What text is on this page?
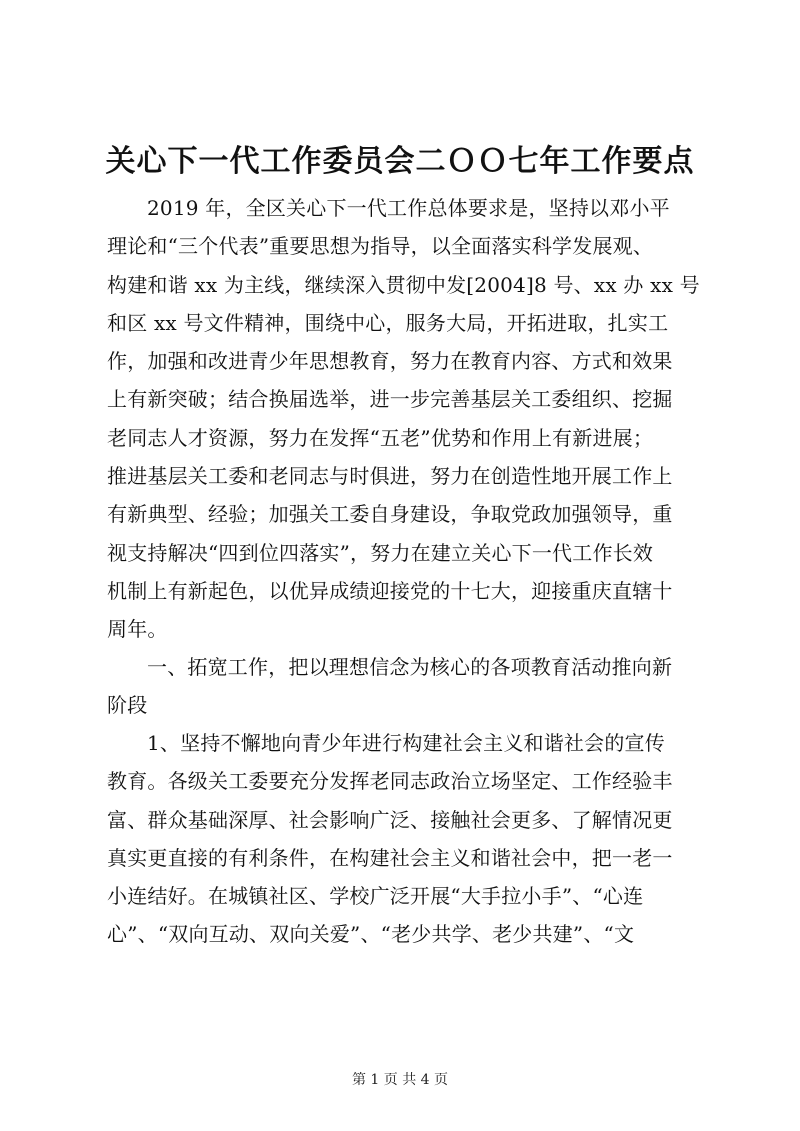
关心下一代工作委员会二ＯＯ七年工作要点
2019 年，全区关心下一代工作总体要求是，坚持以邓小平
理论和“三个代表”重要思想为指导，以全面落实科学发展观、
构建和谐 xx 为主线，继续深入贯彻中发[2004]8 号、xx 办 xx 号
和区 xx 号文件精神，围绕中心，服务大局，开拓进取，扎实工
作，加强和改进青少年思想教育，努力在教育内容、方式和效果
上有新突破；结合换届选举，进一步完善基层关工委组织、挖掘
老同志人才资源，努力在发挥“五老”优势和作用上有新进展；
推进基层关工委和老同志与时俱进，努力在创造性地开展工作上
有新典型、经验；加强关工委自身建设，争取党政加强领导，重
视支持解决“四到位四落实”，努力在建立关心下一代工作长效
机制上有新起色，以优异成绩迎接党的十七大，迎接重庆直辖十
周年。
一、拓宽工作，把以理想信念为核心的各项教育活动推向新
阶段
1、坚持不懈地向青少年进行构建社会主义和谐社会的宣传
教育。各级关工委要充分发挥老同志政治立场坚定、工作经验丰
富、群众基础深厚、社会影响广泛、接触社会更多、了解情况更
真实更直接的有利条件，在构建社会主义和谐社会中，把一老一
小连结好。在城镇社区、学校广泛开展“大手拉小手”、“心连
心”、“双向互动、双向关爱”、“老少共学、老少共建”、“文
第 1 页 共 4 页
